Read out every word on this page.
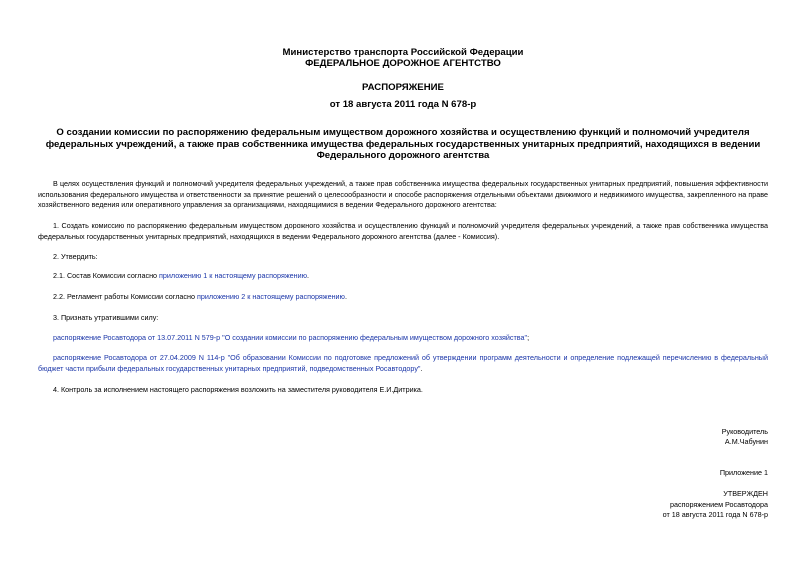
Министерство транспорта Российской Федерации
ФЕДЕРАЛЬНОЕ ДОРОЖНОЕ АГЕНТСТВО
РАСПОРЯЖЕНИЕ
от 18 августа 2011 года N 678-р
О создании комиссии по распоряжению федеральным имуществом дорожного хозяйства и осуществлению функций и полномочий учредителя федеральных учреждений, а также прав собственника имущества федеральных государственных унитарных предприятий, находящихся в ведении Федерального дорожного агентства
В целях осуществления функций и полномочий учредителя федеральных учреждений, а также прав собственника имущества федеральных государственных унитарных предприятий, повышения эффективности использования федерального имущества и ответственности за принятие решений о целесообразности и способе распоряжения отдельными объектами движимого и недвижимого имущества, закрепленного на праве хозяйственного ведения или оперативного управления за организациями, находящимися в ведении Федерального дорожного агентства:
1. Создать комиссию по распоряжению федеральным имуществом дорожного хозяйства и осуществлению функций и полномочий учредителя федеральных учреждений, а также прав собственника имущества федеральных государственных унитарных предприятий, находящихся в ведении Федерального дорожного агентства (далее - Комиссия).
2. Утвердить:
2.1. Состав Комиссии согласно приложению 1 к настоящему распоряжению.
2.2. Регламент работы Комиссии согласно приложению 2 к настоящему распоряжению.
3. Признать утратившими силу:
распоряжение Росавтодора от 13.07.2011 N 579-р "О создании комиссии по распоряжению федеральным имуществом дорожного хозяйства";
распоряжение Росавтодора от 27.04.2009 N 114-р "Об образовании Комиссии по подготовке предложений об утверждении программ деятельности и определение подлежащей перечислению в федеральный бюджет части прибыли федеральных государственных унитарных предприятий, подведомственных Росавтодору".
4. Контроль за исполнением настоящего распоряжения возложить на заместителя руководителя Е.И.Дитрика.
Руководитель
А.М.Чабунин
Приложение 1
УТВЕРЖДЕН
распоряжением Росавтодора
от 18 августа 2011 года N 678-р
